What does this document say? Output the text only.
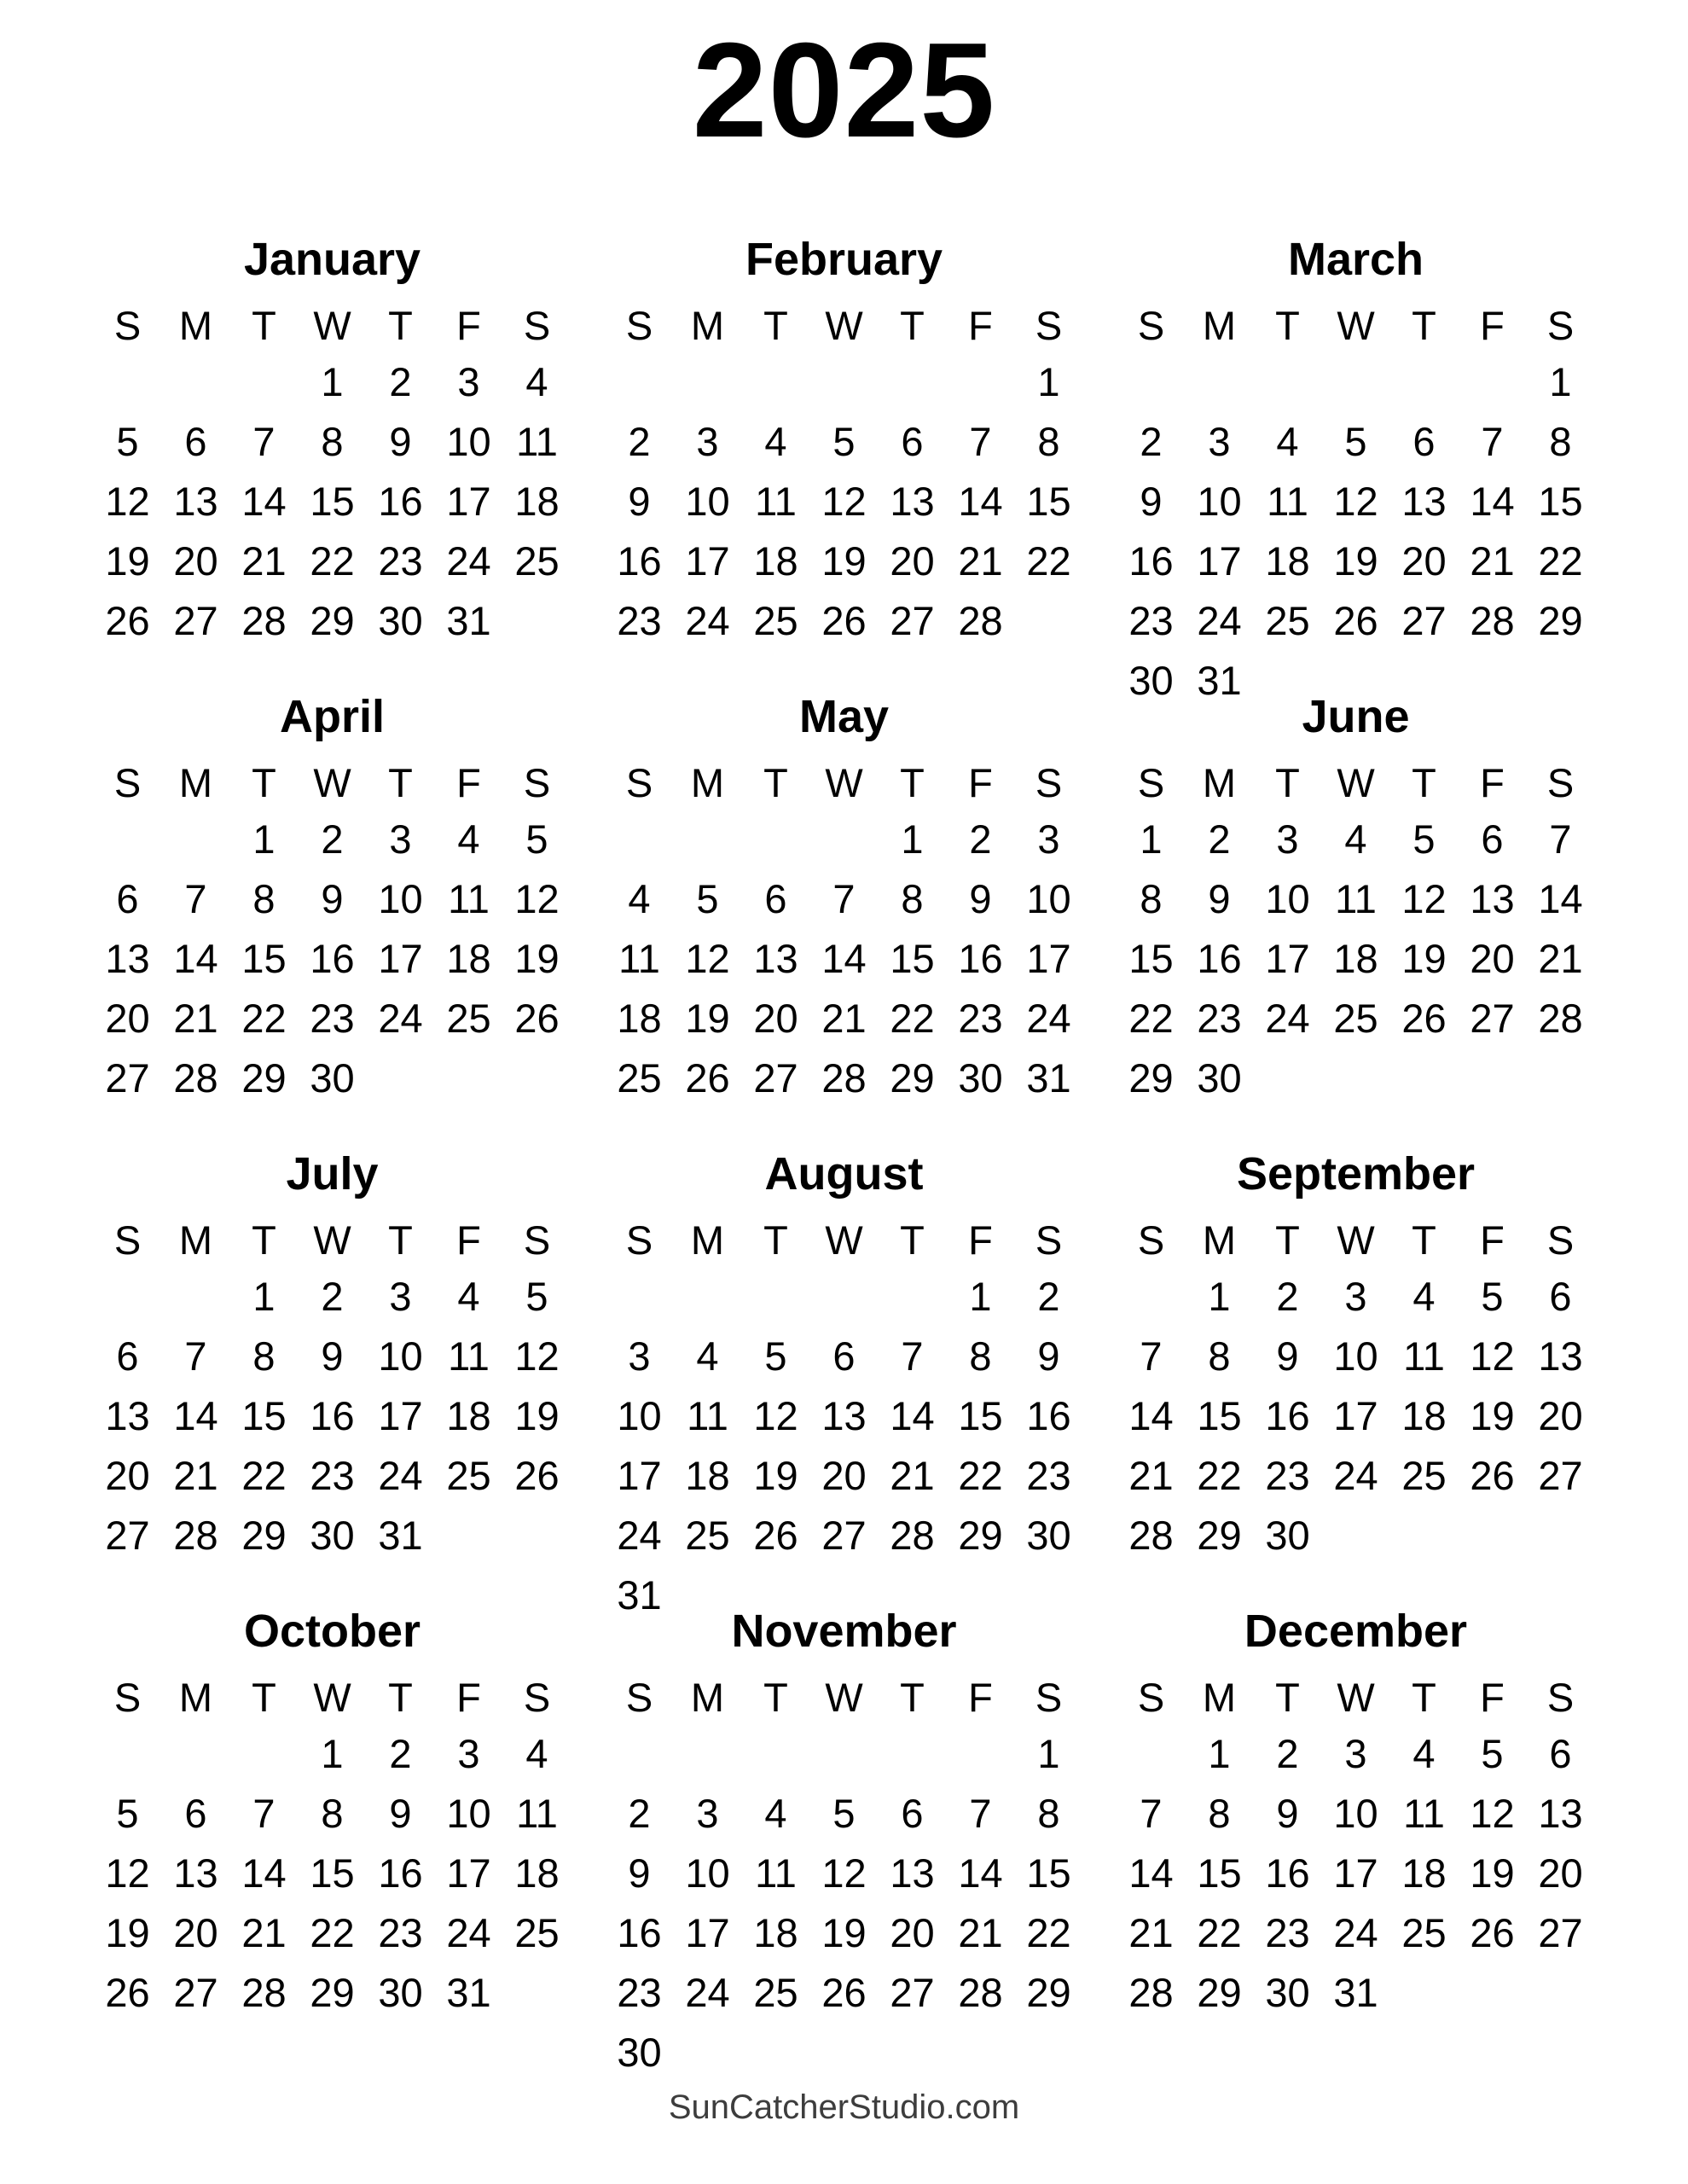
2025
January
S	M	T	W	T	F	S
			1	2	3	4
5	6	7	8	9	10	11
12	13	14	15	16	17	18
19	20	21	22	23	24	25
26	27	28	29	30	31	
February
S	M	T	W	T	F	S
						1
2	3	4	5	6	7	8
9	10	11	12	13	14	15
16	17	18	19	20	21	22
23	24	25	26	27	28	
March
S	M	T	W	T	F	S
						1
2	3	4	5	6	7	8
9	10	11	12	13	14	15
16	17	18	19	20	21	22
23	24	25	26	27	28	29
30	31					
April
S	M	T	W	T	F	S
		1	2	3	4	5
6	7	8	9	10	11	12
13	14	15	16	17	18	19
20	21	22	23	24	25	26
27	28	29	30			
May
S	M	T	W	T	F	S
				1	2	3
4	5	6	7	8	9	10
11	12	13	14	15	16	17
18	19	20	21	22	23	24
25	26	27	28	29	30	31
June
S	M	T	W	T	F	S
1	2	3	4	5	6	7
8	9	10	11	12	13	14
15	16	17	18	19	20	21
22	23	24	25	26	27	28
29	30					
July
S	M	T	W	T	F	S
		1	2	3	4	5
6	7	8	9	10	11	12
13	14	15	16	17	18	19
20	21	22	23	24	25	26
27	28	29	30	31		
August
S	M	T	W	T	F	S
					1	2
3	4	5	6	7	8	9
10	11	12	13	14	15	16
17	18	19	20	21	22	23
24	25	26	27	28	29	30
31						
September
S	M	T	W	T	F	S
	1	2	3	4	5	6
7	8	9	10	11	12	13
14	15	16	17	18	19	20
21	22	23	24	25	26	27
28	29	30				
October
S	M	T	W	T	F	S
			1	2	3	4
5	6	7	8	9	10	11
12	13	14	15	16	17	18
19	20	21	22	23	24	25
26	27	28	29	30	31	
November
S	M	T	W	T	F	S
						1
2	3	4	5	6	7	8
9	10	11	12	13	14	15
16	17	18	19	20	21	22
23	24	25	26	27	28	29
30						
December
S	M	T	W	T	F	S
	1	2	3	4	5	6
7	8	9	10	11	12	13
14	15	16	17	18	19	20
21	22	23	24	25	26	27
28	29	30	31			
SunCatcherStudio.com
